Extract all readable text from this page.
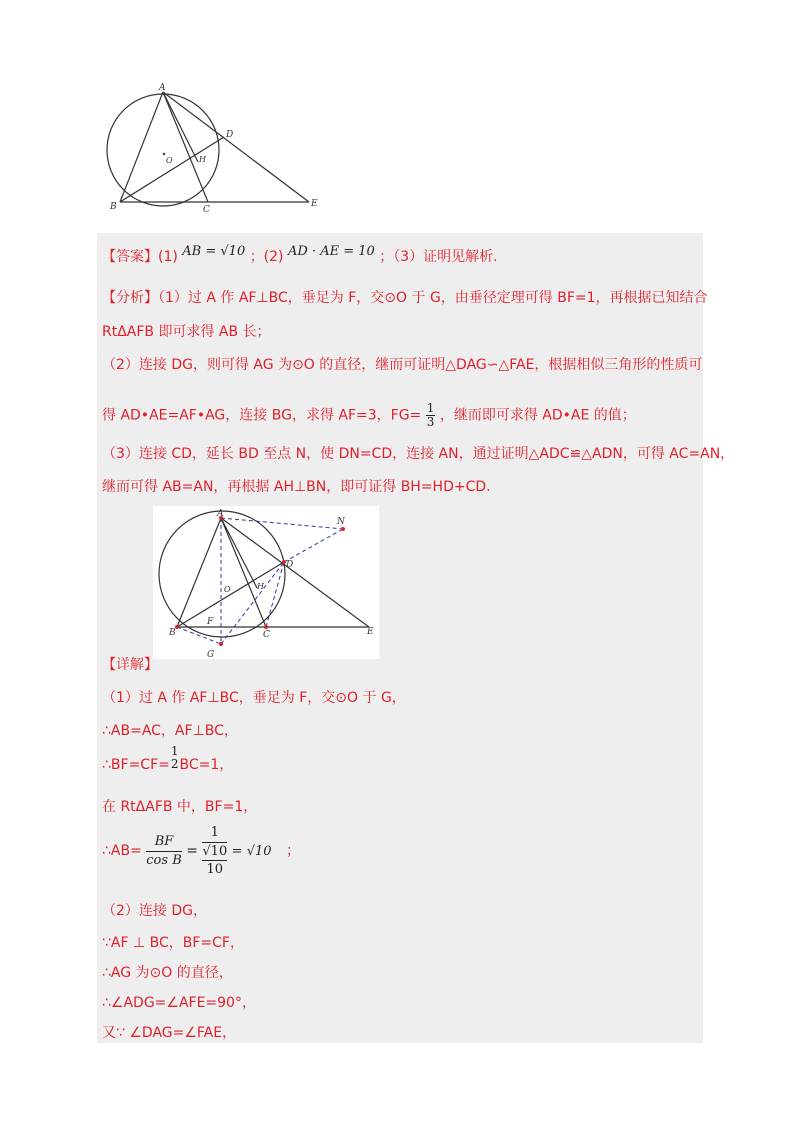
A
B	C
D
E
O	H
【答案】(1) AB = √10 ；(2) AD · AE = 10 ；（3）证明见解析.
【分析】（1）过 A 作 AF⊥BC，垂足为 F，交⊙O 于 G，由垂径定理可得 BF=1，再根据已知结合
RtΔAFB 即可求得 AB 长；
（2）连接 DG，则可得 AG 为⊙O 的直径，继而可证明△DAG∽△FAE，根据相似三角形的性质可
得 AD•AE=AF•AG，连接 BG，求得 AF=3，$FG= \frac{1}{3}$ ，继而即可求得 AD•AE 的值；
（3）连接 CD，延长 BD 至点 N，使 DN=CD，连接 AN，通过证明△ADC≌△ADN，可得 AC=AN，
继而可得 AB=AN，再根据 AH⊥BN，即可证得 BH=HD+CD.
A
B	C
D
E
O	H
F
G
N
【详解】
（1）过 A 作 AF⊥BC，垂足为 F，交⊙O 于 G，
∴AB=AC，AF⊥BC，
∴BF=CF=
1
2 BC=1，
在 RtΔAFB 中，BF=1，
∴AB= $\frac{BF}{\text{cos B}} = 1$
√10
10 = √10 ；
（2）连接 DG，
∵AF ⊥ BC，BF=CF，
∴AG 为⊙O 的直径，
∴∠ADG=∠AFE=90°，
又∵ ∠DAG=∠FAE，
